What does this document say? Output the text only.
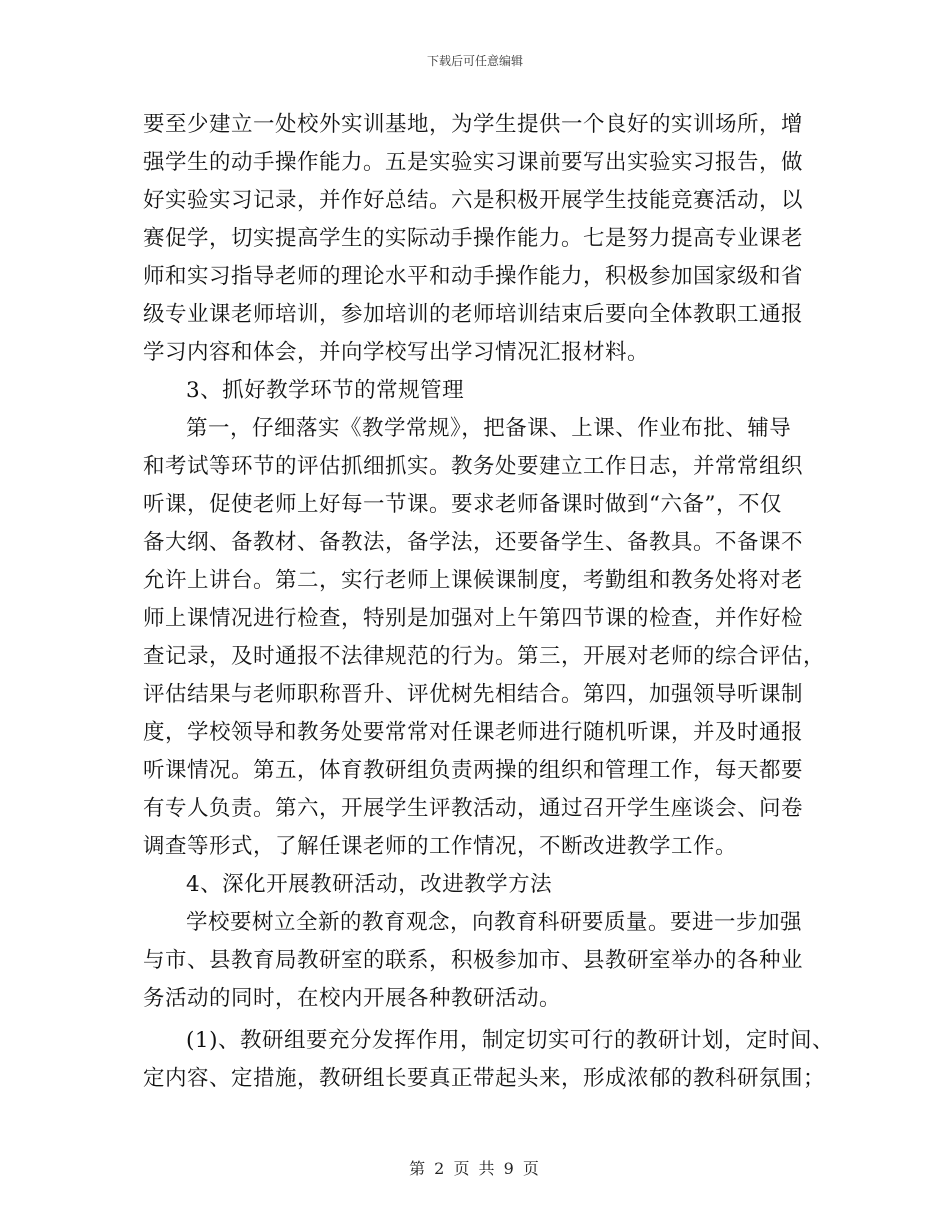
下载后可任意编辑
要至少建立一处校外实训基地，为学生提供一个良好的实训场所，增
强学生的动手操作能力。五是实验实习课前要写出实验实习报告，做
好实验实习记录，并作好总结。六是积极开展学生技能竞赛活动，以
赛促学，切实提高学生的实际动手操作能力。七是努力提高专业课老
师和实习指导老师的理论水平和动手操作能力，积极参加国家级和省
级专业课老师培训，参加培训的老师培训结束后要向全体教职工通报
学习内容和体会，并向学校写出学习情况汇报材料。
3、抓好教学环节的常规管理
第一，仔细落实《教学常规》，把备课、上课、作业布批、辅导
和考试等环节的评估抓细抓实。教务处要建立工作日志，并常常组织
听课，促使老师上好每一节课。要求老师备课时做到“六备”，不仅
备大纲、备教材、备教法，备学法，还要备学生、备教具。不备课不
允许上讲台。第二，实行老师上课候课制度，考勤组和教务处将对老
师上课情况进行检查，特别是加强对上午第四节课的检查，并作好检
查记录，及时通报不法律规范的行为。第三，开展对老师的综合评估，
评估结果与老师职称晋升、评优树先相结合。第四，加强领导听课制
度，学校领导和教务处要常常对任课老师进行随机听课，并及时通报
听课情况。第五，体育教研组负责两操的组织和管理工作，每天都要
有专人负责。第六，开展学生评教活动，通过召开学生座谈会、问卷
调查等形式，了解任课老师的工作情况，不断改进教学工作。
4、深化开展教研活动，改进教学方法
学校要树立全新的教育观念，向教育科研要质量。要进一步加强
与市、县教育局教研室的联系，积极参加市、县教研室举办的各种业
务活动的同时，在校内开展各种教研活动。
(1)、教研组要充分发挥作用，制定切实可行的教研计划，定时间、
定内容、定措施，教研组长要真正带起头来，形成浓郁的教科研氛围；
第 2 页 共 9 页
